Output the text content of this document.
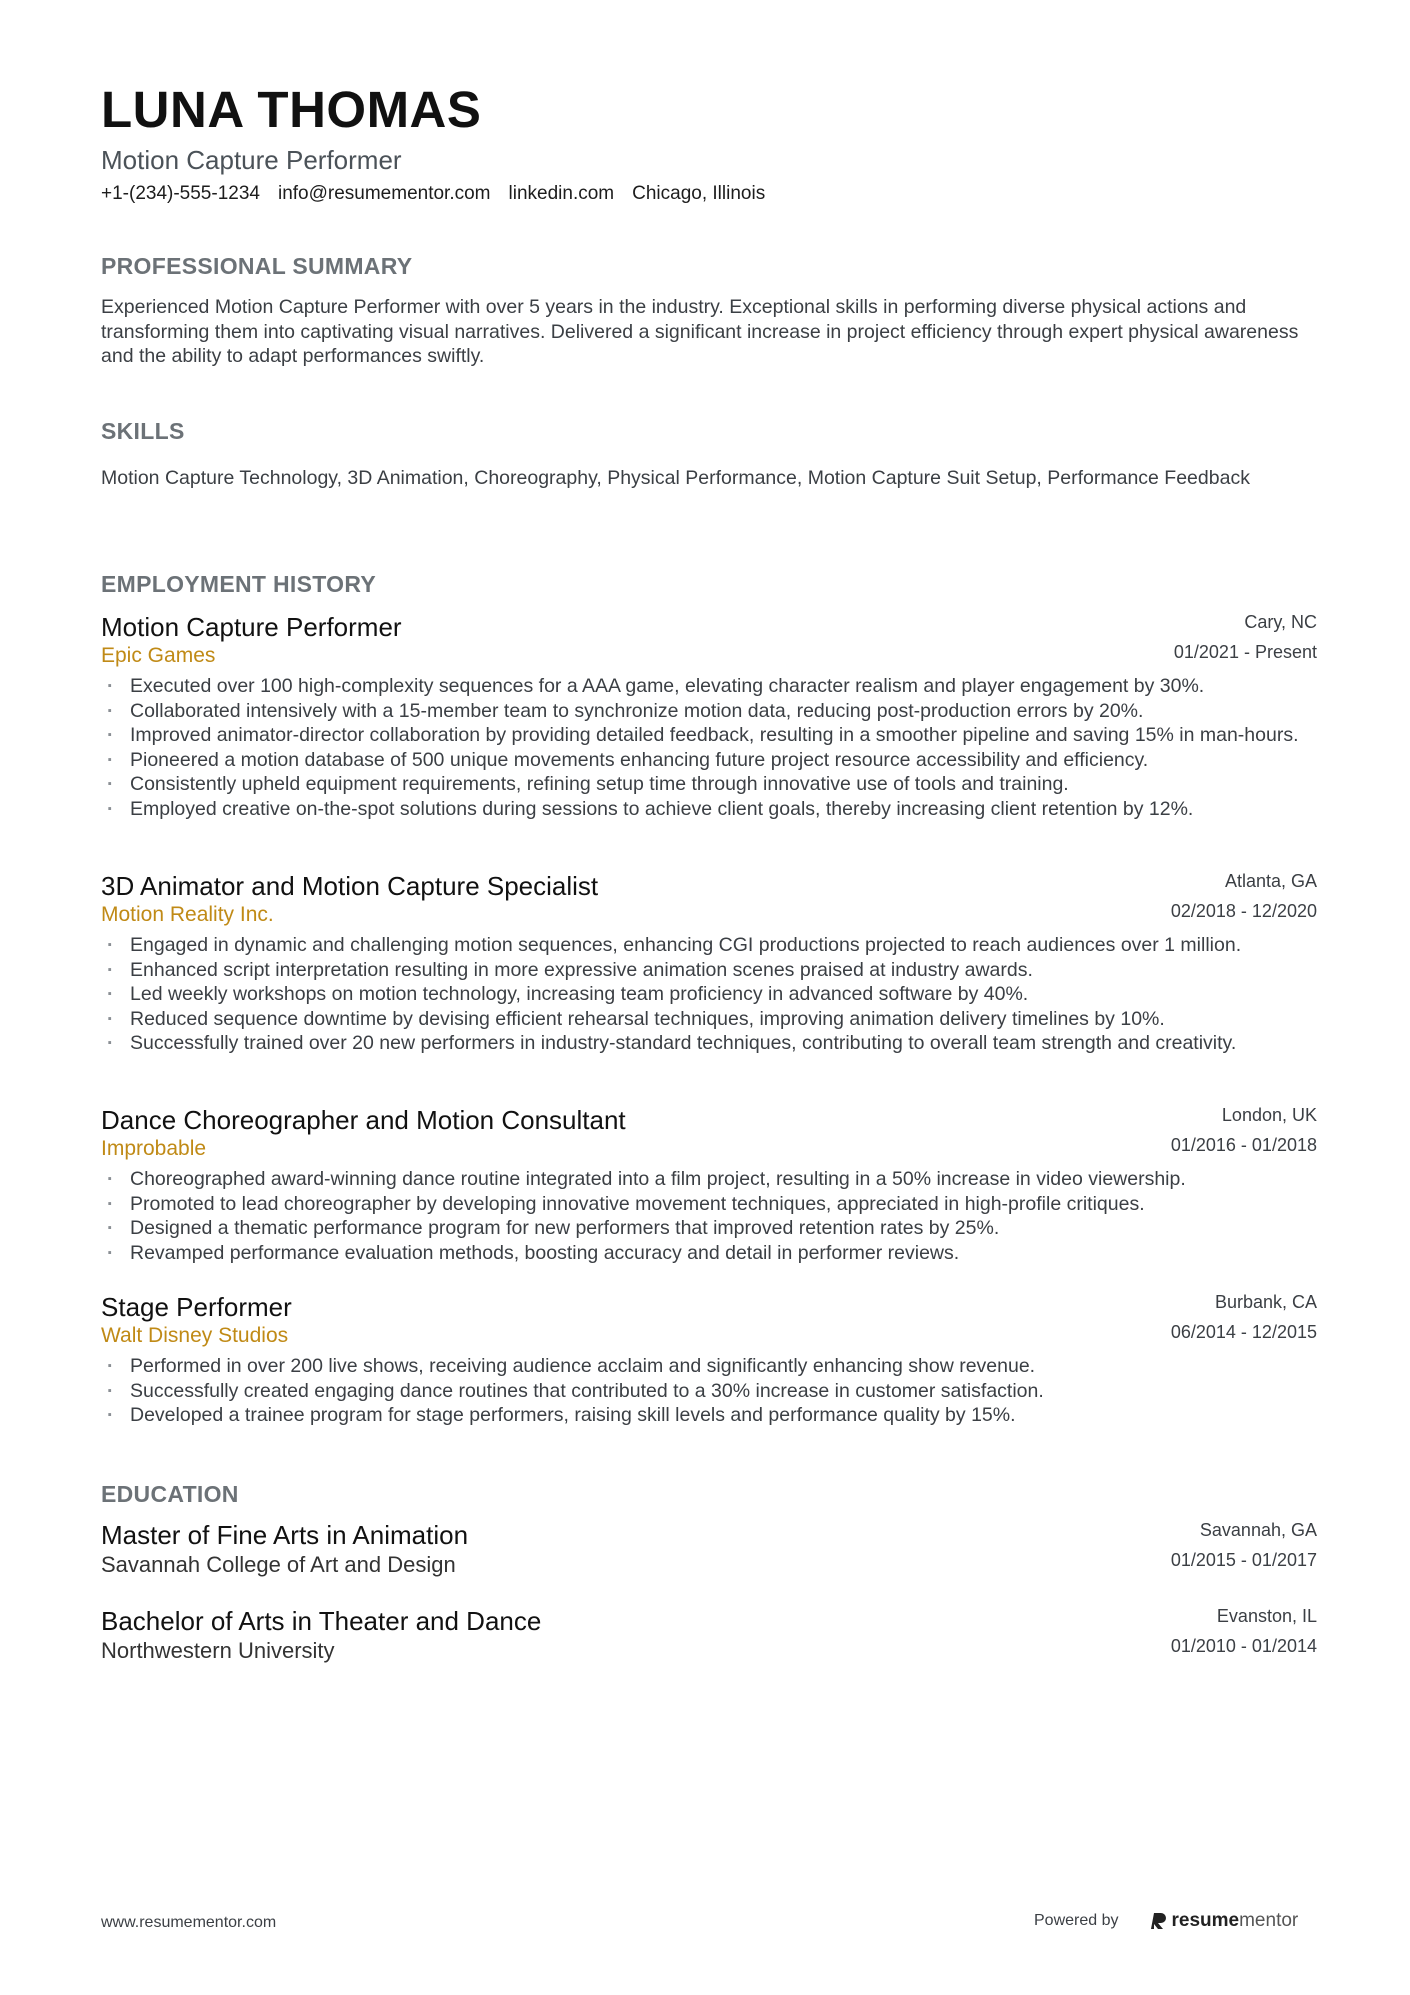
LUNA THOMAS
Motion Capture Performer
+1-(234)-555-1234 info@resumementor.com linkedin.com Chicago, Illinois
PROFESSIONAL SUMMARY
Experienced Motion Capture Performer with over 5 years in the industry. Exceptional skills in performing diverse physical actions and transforming them into captivating visual narratives. Delivered a significant increase in project efficiency through expert physical awareness and the ability to adapt performances swiftly.
SKILLS
Motion Capture Technology, 3D Animation, Choreography, Physical Performance, Motion Capture Suit Setup, Performance Feedback
EMPLOYMENT HISTORY
Motion Capture Performer
Epic Games
Cary, NC
01/2021 - Present
· Executed over 100 high-complexity sequences for a AAA game, elevating character realism and player engagement by 30%.
· Collaborated intensively with a 15-member team to synchronize motion data, reducing post-production errors by 20%.
· Improved animator-director collaboration by providing detailed feedback, resulting in a smoother pipeline and saving 15% in man-hours.
· Pioneered a motion database of 500 unique movements enhancing future project resource accessibility and efficiency.
· Consistently upheld equipment requirements, refining setup time through innovative use of tools and training.
· Employed creative on-the-spot solutions during sessions to achieve client goals, thereby increasing client retention by 12%.
3D Animator and Motion Capture Specialist
Motion Reality Inc.
Atlanta, GA
02/2018 - 12/2020
· Engaged in dynamic and challenging motion sequences, enhancing CGI productions projected to reach audiences over 1 million.
· Enhanced script interpretation resulting in more expressive animation scenes praised at industry awards.
· Led weekly workshops on motion technology, increasing team proficiency in advanced software by 40%.
· Reduced sequence downtime by devising efficient rehearsal techniques, improving animation delivery timelines by 10%.
· Successfully trained over 20 new performers in industry-standard techniques, contributing to overall team strength and creativity.
Dance Choreographer and Motion Consultant
Improbable
London, UK
01/2016 - 01/2018
· Choreographed award-winning dance routine integrated into a film project, resulting in a 50% increase in video viewership.
· Promoted to lead choreographer by developing innovative movement techniques, appreciated in high-profile critiques.
· Designed a thematic performance program for new performers that improved retention rates by 25%.
· Revamped performance evaluation methods, boosting accuracy and detail in performer reviews.
Stage Performer
Walt Disney Studios
Burbank, CA
06/2014 - 12/2015
· Performed in over 200 live shows, receiving audience acclaim and significantly enhancing show revenue.
· Successfully created engaging dance routines that contributed to a 30% increase in customer satisfaction.
· Developed a trainee program for stage performers, raising skill levels and performance quality by 15%.
EDUCATION
Master of Fine Arts in Animation
Savannah College of Art and Design
Savannah, GA
01/2015 - 01/2017
Bachelor of Arts in Theater and Dance
Northwestern University
Evanston, IL
01/2010 - 01/2014
www.resumementor.com	Powered by	resume mentor
